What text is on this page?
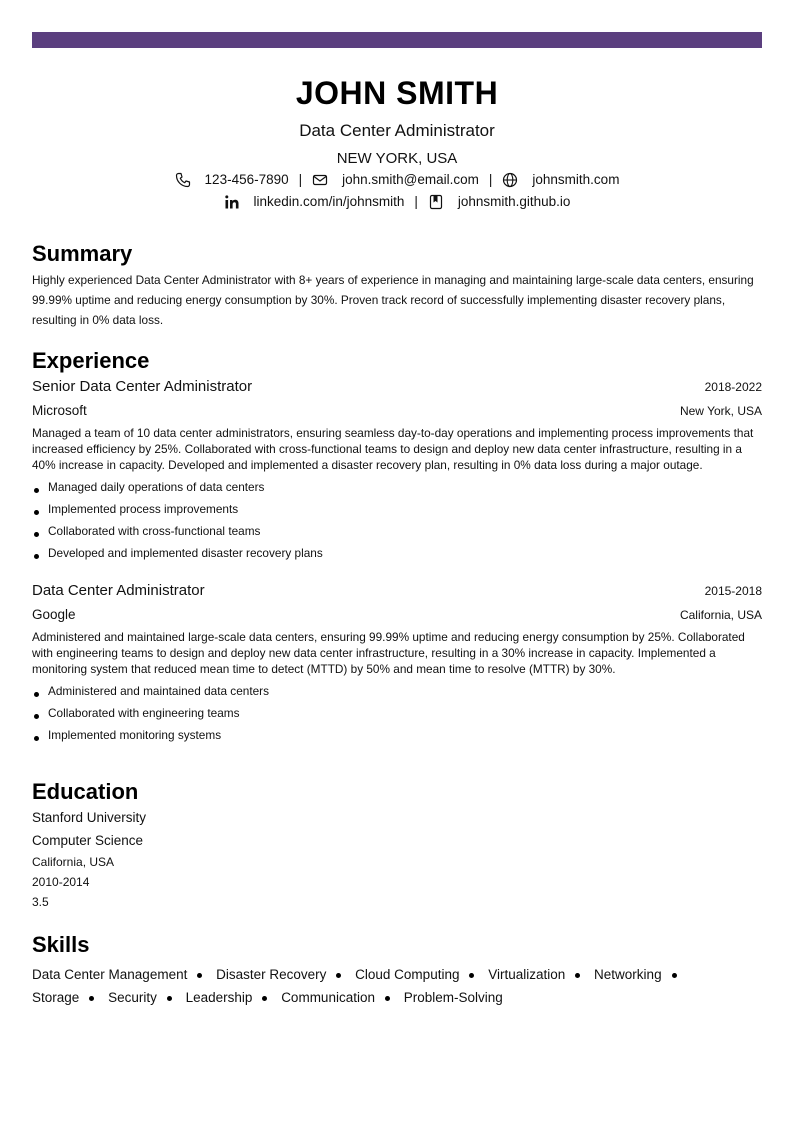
JOHN SMITH
Data Center Administrator
NEW YORK, USA
123-456-7890 |	john.smith@email.com |	johnsmith.com
linkedin.com/in/johnsmith |	johnsmith.github.io
Summary
Highly experienced Data Center Administrator with 8+ years of experience in managing and maintaining large-scale data centers, ensuring 99.99% uptime and reducing energy consumption by 30%. Proven track record of successfully implementing disaster recovery plans, resulting in 0% data loss.
Experience
Senior Data Center Administrator	2018-2022
Microsoft	New York, USA
Managed a team of 10 data center administrators, ensuring seamless day-to-day operations and implementing process improvements that increased efficiency by 25%. Collaborated with cross-functional teams to design and deploy new data center infrastructure, resulting in a 40% increase in capacity. Developed and implemented a disaster recovery plan, resulting in 0% data loss during a major outage.
Managed daily operations of data centers
Implemented process improvements
Collaborated with cross-functional teams
Developed and implemented disaster recovery plans
Data Center Administrator	2015-2018
Google	California, USA
Administered and maintained large-scale data centers, ensuring 99.99% uptime and reducing energy consumption by 25%. Collaborated with engineering teams to design and deploy new data center infrastructure, resulting in a 30% increase in capacity. Implemented a monitoring system that reduced mean time to detect (MTTD) by 50% and mean time to resolve (MTTR) by 30%.
Administered and maintained data centers
Collaborated with engineering teams
Implemented monitoring systems
Education
Stanford University
Computer Science
California, USA
2010-2014
3.5
Skills
Data Center Management Disaster Recovery Cloud Computing Virtualization Networking Storage Security Leadership Communication Problem-Solving
